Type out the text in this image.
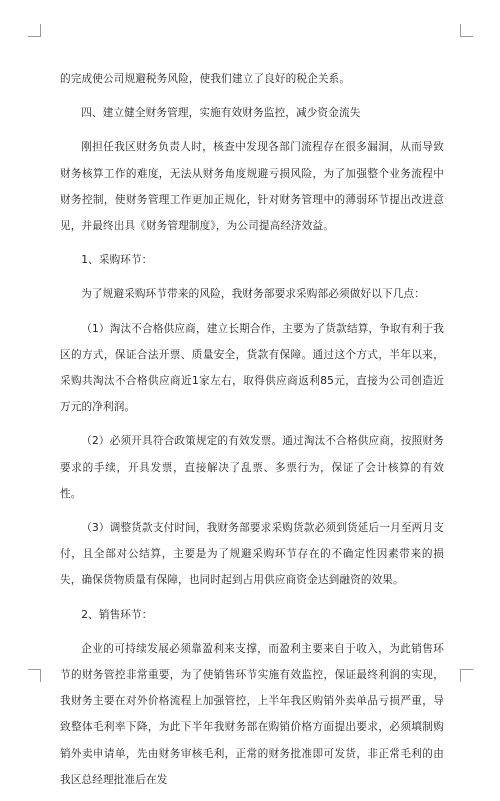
的完成使公司规避税务风险，使我们建立了良好的税企关系。

四、建立健全财务管理，实施有效财务监控，减少资金流失

刚担任我区财务负责人时，核查中发现各部门流程存在很多漏洞，从而导致财务核算工作的难度，无法从财务角度规避亏损风险，为了加强整个业务流程中财务控制，使财务管理工作更加正规化，针对财务管理中的薄弱环节提出改进意见，并最终出具《财务管理制度》，为公司提高经济效益。

1、采购环节：

为了规避采购环节带来的风险，我财务部要求采购部必须做好以下几点：

（1）淘汰不合格供应商，建立长期合作，主要为了货款结算，争取有利于我区的方式，保证合法开票、质量安全，货款有保障。通过这个方式，半年以来，采购共淘汰不合格供应商近1家左右，取得供应商返利85元，直接为公司创造近万元的净利润。

（2）必须开具符合政策规定的有效发票。通过淘汰不合格供应商，按照财务要求的手续，开具发票，直接解决了乱票、多票行为，保证了会计核算的有效性。

（3）调整货款支付时间，我财务部要求采购货款必须到货延后一月至两月支付，且全部对公结算，主要是为了规避采购环节存在的不确定性因素带来的损失，确保货物质量有保障，也同时起到占用供应商资金达到融资的效果。

2、销售环节：

企业的可持续发展必须靠盈利来支撑，而盈利主要来自于收入，为此销售环节的财务管控非常重要，为了使销售环节实施有效监控，保证最终利润的实现，我财务主要在对外价格流程上加强管控，上半年我区购销外卖单品亏损严重，导致整体毛利率下降，为此下半年我财务部在购销价格方面提出要求，必须填制购销外卖申请单，先由财务审核毛利，正常的财务批准即可发货，非正常毛利的由我区总经理批准后在发
